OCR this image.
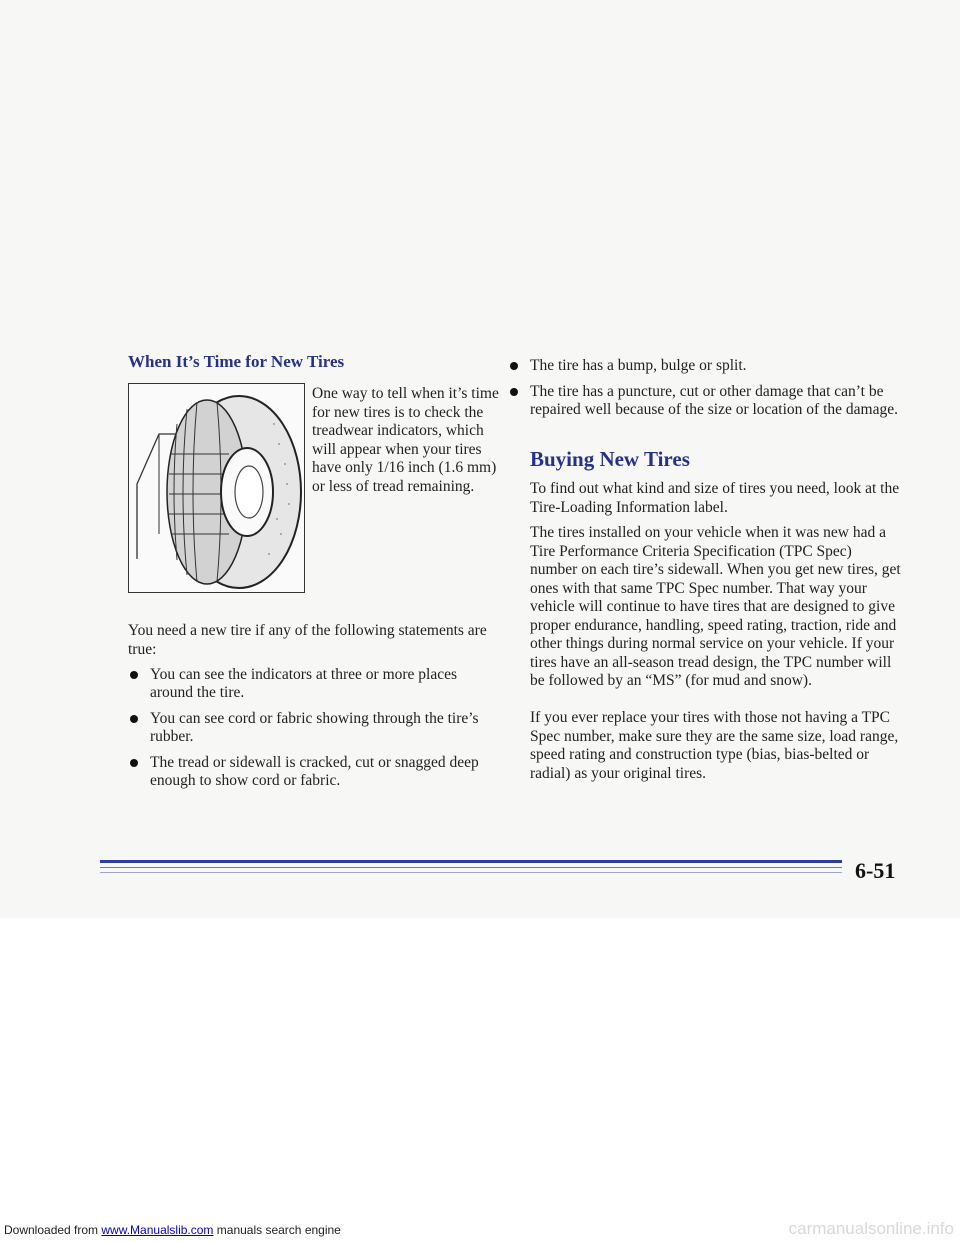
When It’s Time for New Tires

One way to tell when it’s time for new tires is to check the treadwear indicators, which will appear when your tires have only 1/16 inch (1.6 mm) or less of tread remaining.

You need a new tire if any of the following statements are true:

You can see the indicators at three or more places around the tire.
You can see cord or fabric showing through the tire’s rubber.
The tread or sidewall is cracked, cut or snagged deep enough to show cord or fabric.
The tire has a bump, bulge or split.
The tire has a puncture, cut or other damage that can’t be repaired well because of the size or location of the damage.
Buying New Tires

To find out what kind and size of tires you need, look at the Tire-Loading Information label.

The tires installed on your vehicle when it was new had a Tire Performance Criteria Specification (TPC Spec) number on each tire’s sidewall. When you get new tires, get ones with that same TPC Spec number. That way your vehicle will continue to have tires that are designed to give proper endurance, handling, speed rating, traction, ride and other things during normal service on your vehicle. If your tires have an all-season tread design, the TPC number will be followed by an “MS” (for mud and snow).

If you ever replace your tires with those not having a TPC Spec number, make sure they are the same size, load range, speed rating and construction type (bias, bias-belted or radial) as your original tires.

6-51

Downloaded from www.Manualslib.com manuals search engine	carmanualsonline.info
